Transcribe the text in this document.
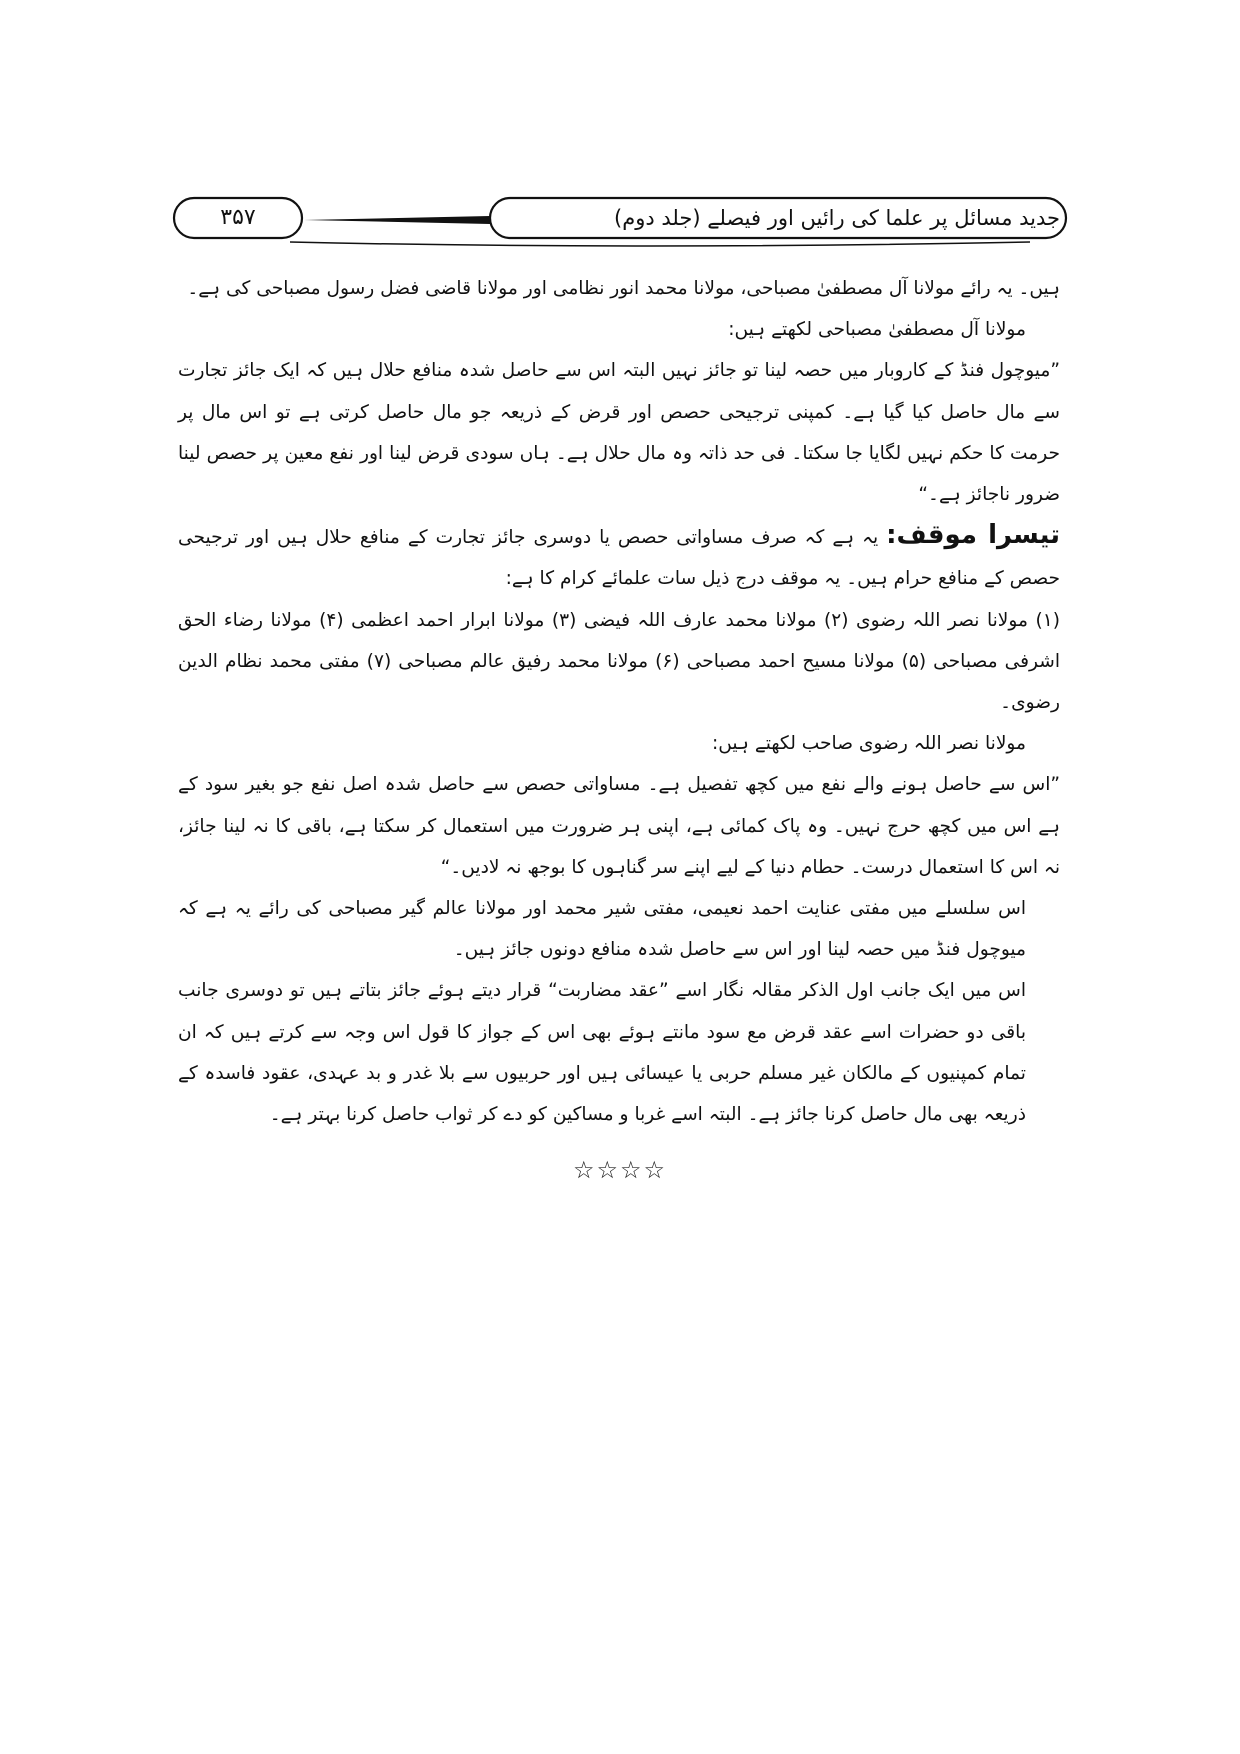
۳۵۷	جدید مسائل پر علما کی رائیں اور فیصلے (جلد دوم)

ہیں۔ یہ رائے مولانا آل مصطفیٰ مصباحی، مولانا محمد انور نظامی اور مولانا قاضی فضل رسول مصباحی کی ہے۔

مولانا آل مصطفیٰ مصباحی لکھتے ہیں:

”میوچول فنڈ کے کاروبار میں حصہ لینا تو جائز نہیں البتہ اس سے حاصل شدہ منافع حلال ہیں کہ ایک جائز تجارت سے مال حاصل کیا گیا ہے۔ کمپنی ترجیحی حصص اور قرض کے ذریعہ جو مال حاصل کرتی ہے تو اس مال پر حرمت کا حکم نہیں لگایا جا سکتا۔ فی حد ذاتہ وہ مال حلال ہے۔ ہاں سودی قرض لینا اور نفع معین پر حصص لینا ضرور ناجائز ہے۔“

تیسرا موقف: یہ ہے کہ صرف مساواتی حصص یا دوسری جائز تجارت کے منافع حلال ہیں اور ترجیحی حصص کے منافع حرام ہیں۔ یہ موقف درج ذیل سات علمائے کرام کا ہے:

(۱) مولانا نصر اللہ رضوی (۲) مولانا محمد عارف اللہ فیضی (۳) مولانا ابرار احمد اعظمی (۴) مولانا رضاء الحق اشرفی مصباحی (۵) مولانا مسیح احمد مصباحی (۶) مولانا محمد رفیق عالم مصباحی (۷) مفتی محمد نظام الدین رضوی۔

مولانا نصر اللہ رضوی صاحب لکھتے ہیں:

”اس سے حاصل ہونے والے نفع میں کچھ تفصیل ہے۔ مساواتی حصص سے حاصل شدہ اصل نفع جو بغیر سود کے ہے اس میں کچھ حرج نہیں۔ وہ پاک کمائی ہے، اپنی ہر ضرورت میں استعمال کر سکتا ہے، باقی کا نہ لینا جائز، نہ اس کا استعمال درست۔ حطام دنیا کے لیے اپنے سر گناہوں کا بوجھ نہ لادیں۔“

اس سلسلے میں مفتی عنایت احمد نعیمی، مفتی شیر محمد اور مولانا عالم گیر مصباحی کی رائے یہ ہے کہ میوچول فنڈ میں حصہ لینا اور اس سے حاصل شدہ منافع دونوں جائز ہیں۔

اس میں ایک جانب اول الذکر مقالہ نگار اسے ”عقد مضاربت“ قرار دیتے ہوئے جائز بتاتے ہیں تو دوسری جانب باقی دو حضرات اسے عقد قرض مع سود مانتے ہوئے بھی اس کے جواز کا قول اس وجہ سے کرتے ہیں کہ ان تمام کمپنیوں کے مالکان غیر مسلم حربی یا عیسائی ہیں اور حربیوں سے بلا غدر و بد عہدی، عقود فاسدہ کے ذریعہ بھی مال حاصل کرنا جائز ہے۔ البتہ اسے غربا و مساکین کو دے کر ثواب حاصل کرنا بہتر ہے۔

☆☆☆☆
